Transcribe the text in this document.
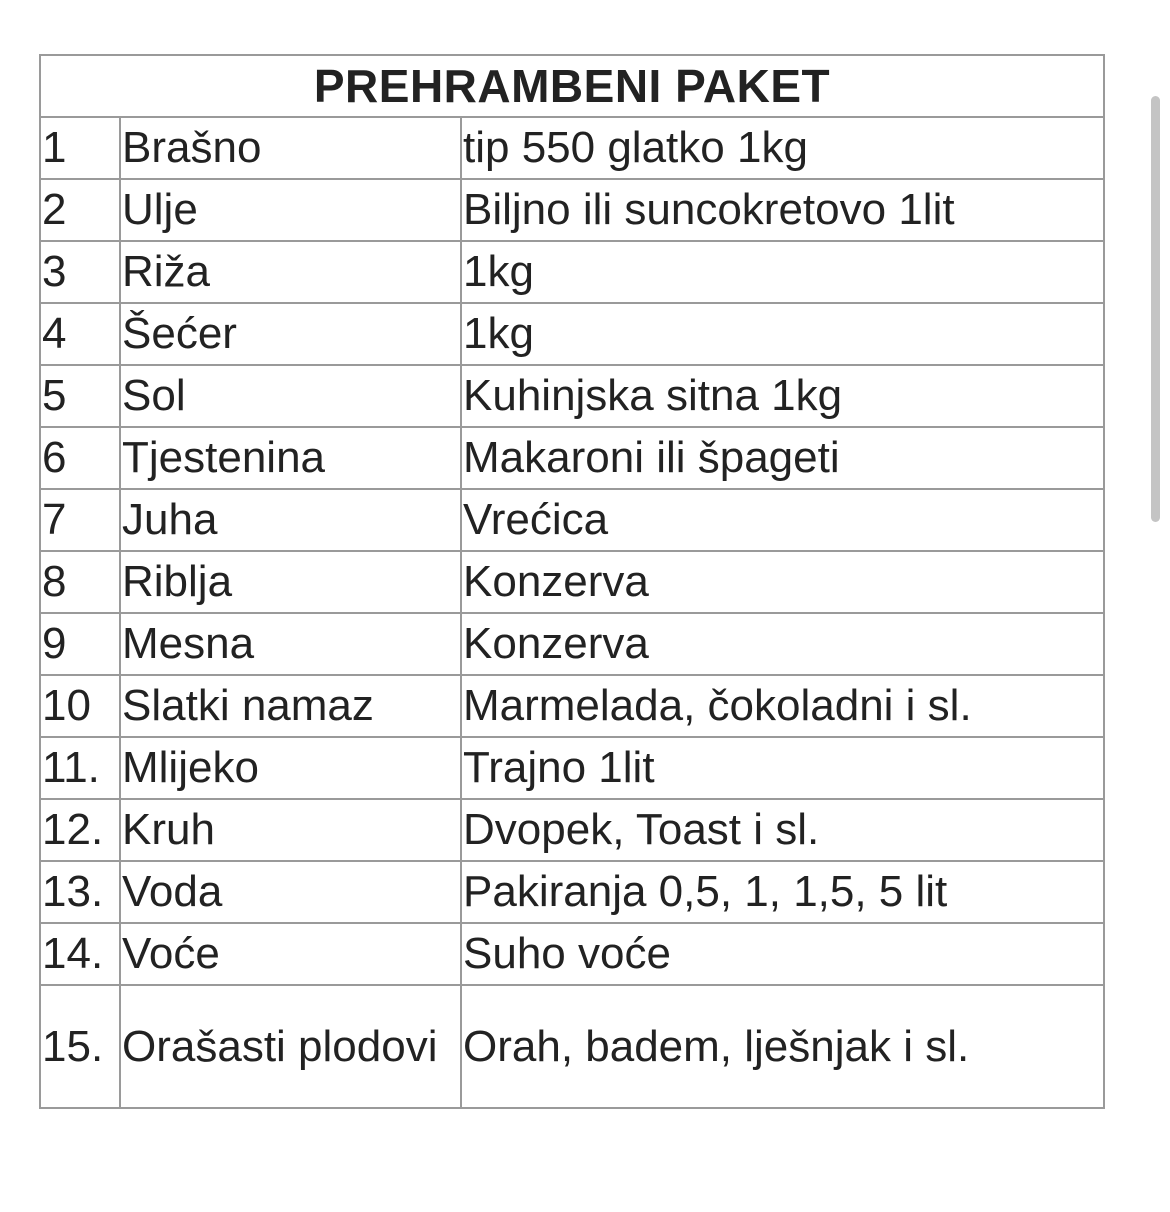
PREHRAMBENI PAKET		
1	Brašno	tip 550 glatko 1kg
2	Ulje	Biljno ili suncokretovo 1lit
3	Riža	1kg
4	Šećer	1kg
5	Sol	Kuhinjska sitna 1kg
6	Tjestenina	Makaroni ili špageti
7	Juha	Vrećica
8	Riblja	Konzerva
9	Mesna	Konzerva
10	Slatki namaz	Marmelada, čokoladni i sl.
11.	Mlijeko	Trajno 1lit
12.	Kruh	Dvopek, Toast i sl.
13.	Voda	Pakiranja 0,5, 1, 1,5, 5 lit
14.	Voće	Suho voće
15.	Orašasti plodovi	Orah, badem, lješnjak i sl.
